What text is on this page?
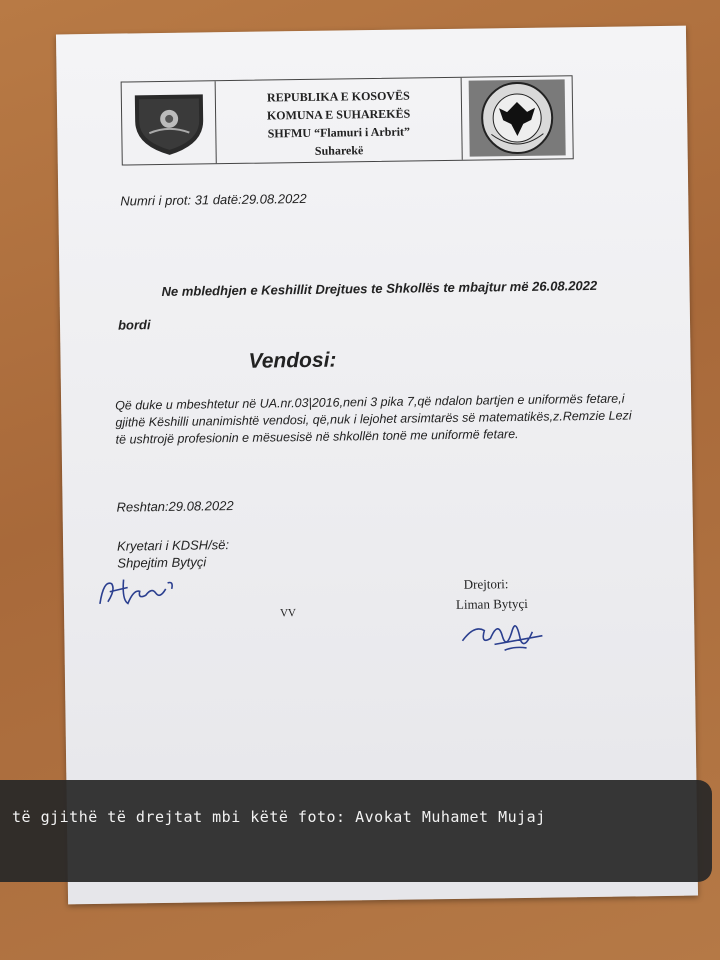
REPUBLIKA E KOSOVËS
KOMUNA E SUHAREKËS
SHFMU “Flamuri i Arbrit”
Suharekë
Numri i prot: 31 datë:29.08.2022
Ne mbledhjen e Keshillit Drejtues te Shkollës te mbajtur më 26.08.2022
bordi
Vendosi:
Që duke u mbeshtetur në UA.nr.03|2016,neni 3 pika 7,që ndalon bartjen e uniformës fetare,i gjithë Këshilli unanimishtë vendosi, që,nuk i lejohet arsimtarës së matematikës,z.Remzie Lezi të ushtrojë profesionin e mësuesisë në shkollën tonë me uniformë fetare.
Reshtan:29.08.2022
Kryetari i KDSH/së:
Shpejtim Bytyçi
VV
Drejtori:
Liman Bytyçi
të gjithë të drejtat mbi këtë foto: Avokat Muhamet Mujaj
